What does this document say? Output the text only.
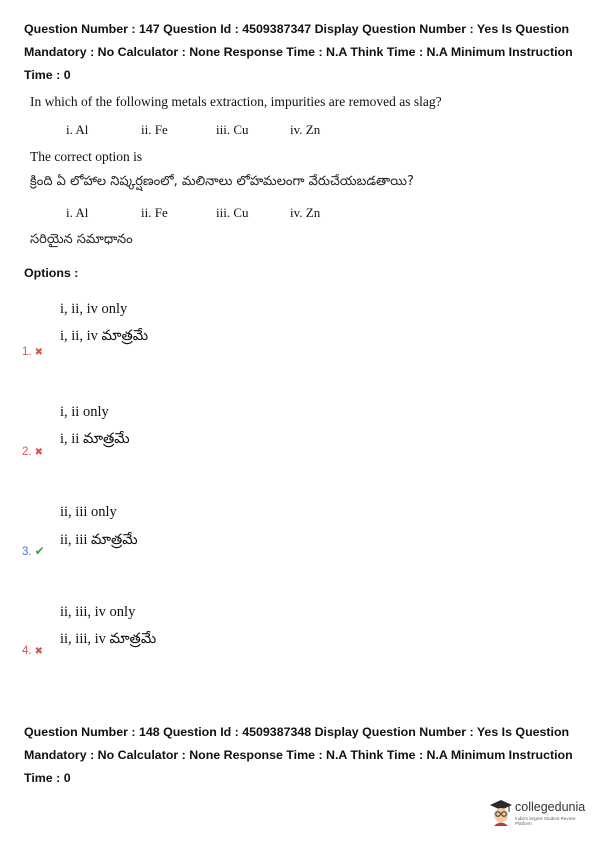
Question Number : 147 Question Id : 4509387347 Display Question Number : Yes Is Question Mandatory : No Calculator : None Response Time : N.A Think Time : N.A Minimum Instruction Time : 0
In which of the following metals extraction, impurities are removed as slag?
i. Al	ii. Fe	iii. Cu	iv. Zn
The correct option is
క్రింది ఏ లోహాల నిష్కర్షణంలో, మలినాలు లోహమలంగా వేరుచేయబడతాయి?
i. Al	ii. Fe	iii. Cu	iv. Zn
సరియైన సమాధానం
Options :
i, ii, iv only
i, ii, iv మాత్రమే
1. ✖
i, ii only
i, ii మాత్రమే
2. ✖
ii, iii only
ii, iii మాత్రమే
3. ✔
ii, iii, iv only
ii, iii, iv మాత్రమే
4. ✖
Question Number : 148 Question Id : 4509387348 Display Question Number : Yes Is Question Mandatory : No Calculator : None Response Time : N.A Think Time : N.A Minimum Instruction Time : 0
collegedunia
India's largest Student Review Platform
